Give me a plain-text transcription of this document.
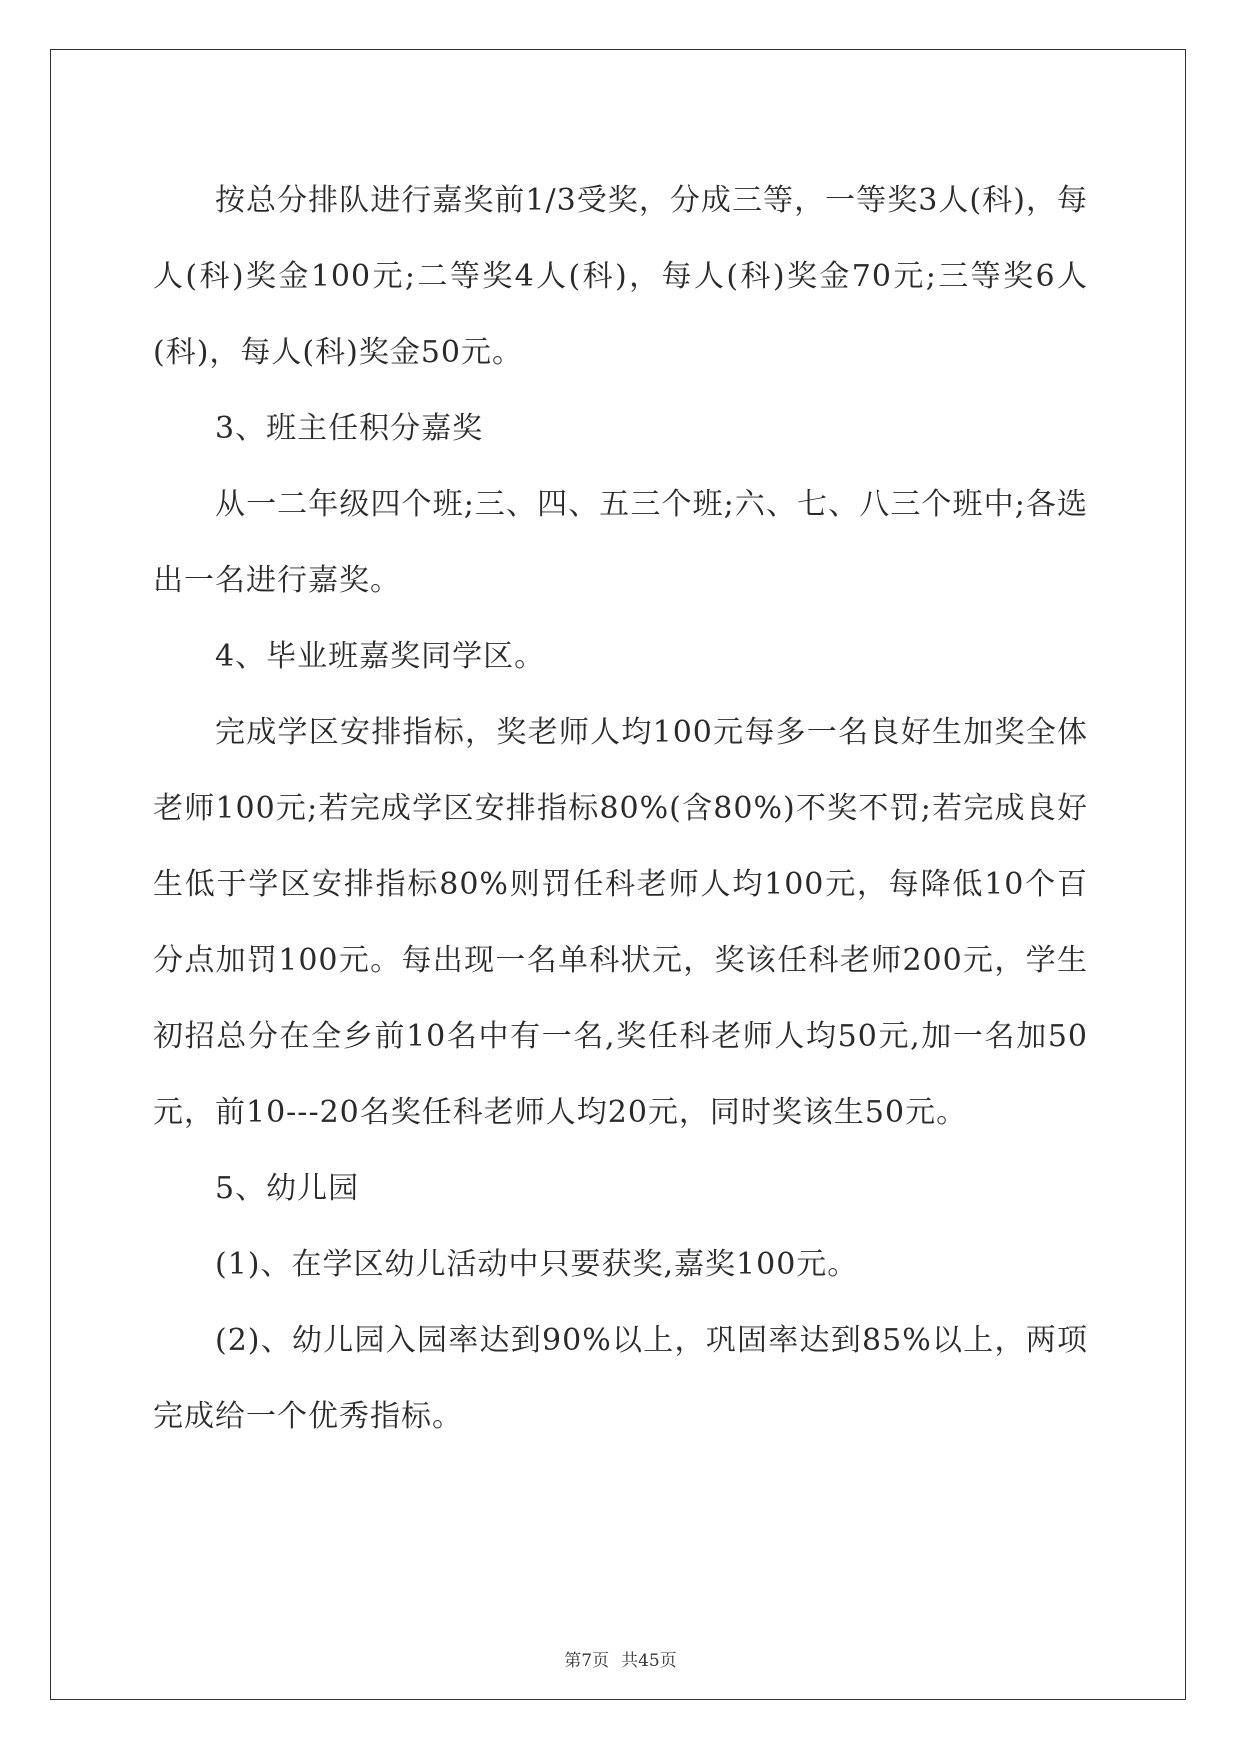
按总分排队进行嘉奖前1/3受奖，分成三等，一等奖3人(科)，每人(科)奖金100元;二等奖4人(科)，每人(科)奖金70元;三等奖6人(科)，每人(科)奖金50元。

3、班主任积分嘉奖

从一二年级四个班;三、四、五三个班;六、七、八三个班中;各选出一名进行嘉奖。

4、毕业班嘉奖同学区。

完成学区安排指标，奖老师人均100元每多一名良好生加奖全体老师100元;若完成学区安排指标80%(含80%)不奖不罚;若完成良好生低于学区安排指标80%则罚任科老师人均100元，每降低10个百分点加罚100元。每出现一名单科状元，奖该任科老师200元，学生初招总分在全乡前10名中有一名,奖任科老师人均50元,加一名加50元，前10---20名奖任科老师人均20元，同时奖该生50元。

5、幼儿园

(1)、在学区幼儿活动中只要获奖,嘉奖100元。

(2)、幼儿园入园率达到90%以上，巩固率达到85%以上，两项完成给一个优秀指标。

第7页 共45页
